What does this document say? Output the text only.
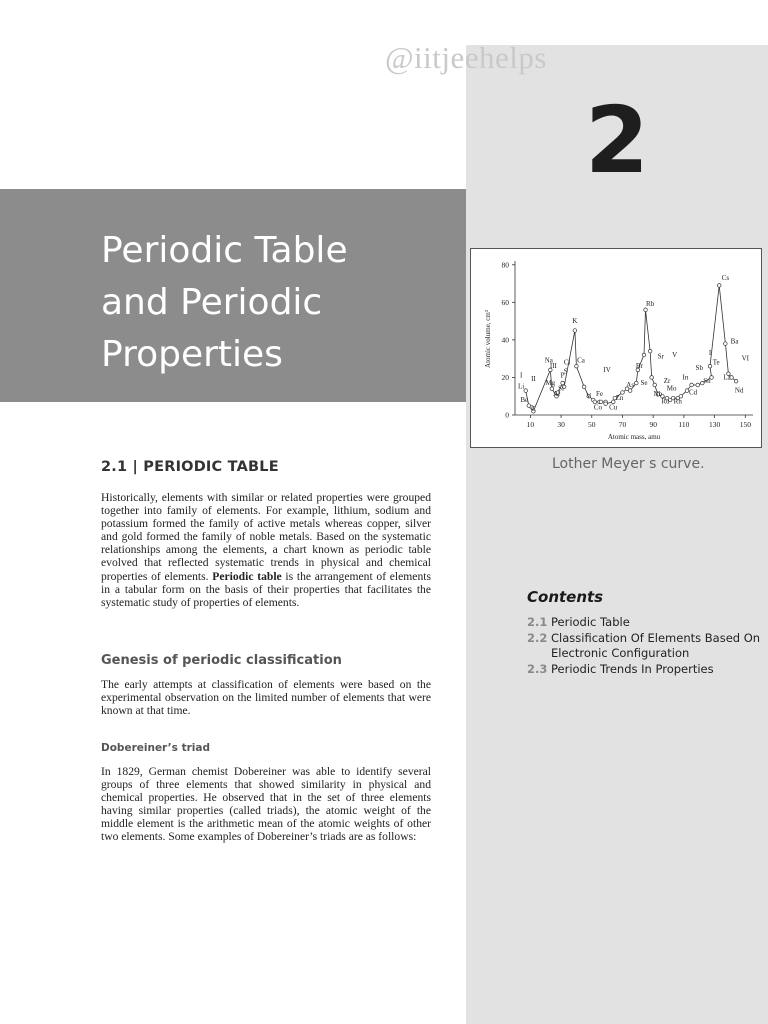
@iitjeehelps
2
Periodic Table
and Periodic
Properties
10	30	50	70	90	110	130	150
0
20
40
60
80
Li
Be
C
Na
Mg
Al
Si
P S
Cl
K
Ca
V Fe
Co Cu
Zn
As
Br
Se
Rb
Sr
Nb
Zr
Mo
Ru Rh
Cd
In Sn
Sb
I
Te
Cs
Ba
La
Nd
I II
III	IV
V	VI
Atomic mass, amu
Atomic volume, cm³
Lother Meyer s curve.
Contents
2.1 Periodic Table
2.2 Classification Of Elements Based On Electronic Configuration
2.3 Periodic Trends In Properties
2.1 | PERIODIC TABLE

Historically, elements with similar or related properties were grouped together into family of elements. For example, lithium, sodium and potassium formed the family of active metals whereas copper, silver and gold formed the family of noble metals. Based on the systematic relationships among the elements, a chart known as periodic table evolved that reflected systematic trends in physical and chemical properties of elements. Periodic table is the arrangement of elements in a tabular form on the basis of their properties that facilitates the systematic study of properties of elements.

Genesis of periodic classification

The early attempts at classification of elements were based on the experimental observation on the limited number of elements that were known at that time.

Dobereiner’s triad

In 1829, German chemist Dobereiner was able to identify several groups of three elements that showed similarity in physical and chemical properties. He observed that in the set of three elements having similar properties (called triads), the atomic weight of the middle element is the arithmetic mean of the atomic weights of other two elements. Some examples of Dobereiner’s triads are as follows:
